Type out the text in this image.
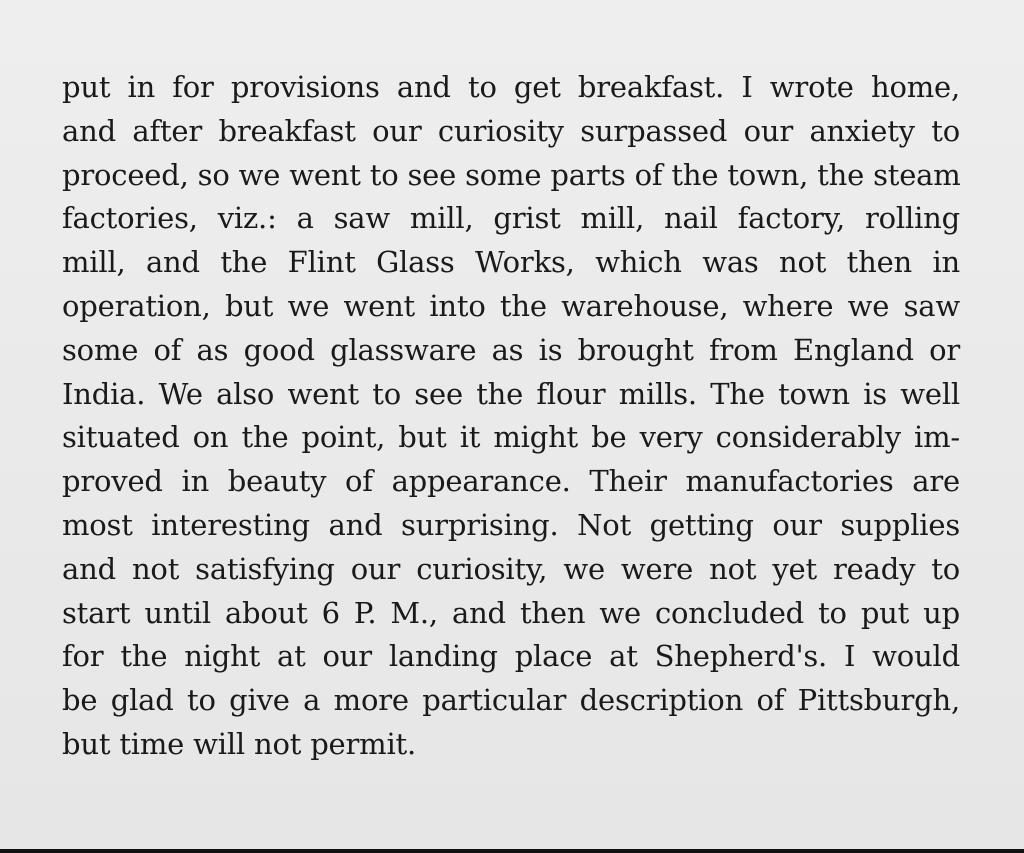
put in for provisions and to get breakfast. I wrote home,
and after breakfast our curiosity surpassed our anxiety to
proceed, so we went to see some parts of the town, the steam
factories, viz.: a saw mill, grist mill, nail factory, rolling
mill, and the Flint Glass Works, which was not then in
operation, but we went into the warehouse, where we saw
some of as good glassware as is brought from England or
India. We also went to see the flour mills. The town is well
situated on the point, but it might be very considerably im-
proved in beauty of appearance. Their manufactories are
most interesting and surprising. Not getting our supplies
and not satisfying our curiosity, we were not yet ready to
start until about 6 P. M., and then we concluded to put up
for the night at our landing place at Shepherd's. I would
be glad to give a more particular description of Pittsburgh,
but time will not permit.
